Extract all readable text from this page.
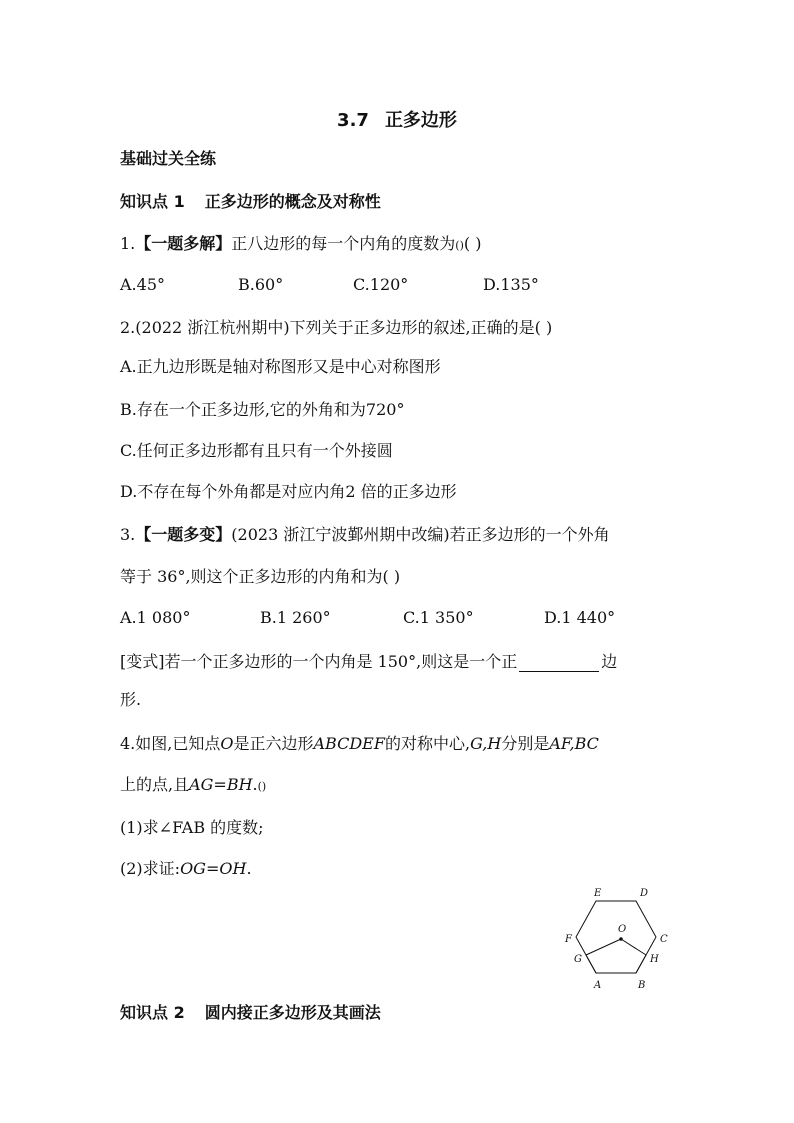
3.7 正多边形
基础过关全练
知识点 1 正多边形的概念及对称性
1.【一题多解】正八边形的每一个内角的度数为()( )
A.45°	B.60°	C.120°	D.135°
2.(2022 浙江杭州期中)下列关于正多边形的叙述,正确的是( )
A.正九边形既是轴对称图形又是中心对称图形
B.存在一个正多边形,它的外角和为720°
C.任何正多边形都有且只有一个外接圆
D.不存在每个外角都是对应内角2 倍的正多边形
3.【一题多变】(2023 浙江宁波鄞州期中改编)若正多边形的一个外角
等于 36°,则这个正多边形的内角和为( )
A.1 080°	B.1 260°	C.1 350°	D.1 440°
[变式]若一个正多边形的一个内角是 150°,则这是一个正	边
形.
4.如图,已知点O是正六边形ABCDEF的对称中心,G,H分别是AF,BC
上的点,且AG=BH.()
(1)求∠FAB 的度数;
(2)求证:OG=OH.
A	B
C
D
E
F
G	H
O
知识点 2 圆内接正多边形及其画法
